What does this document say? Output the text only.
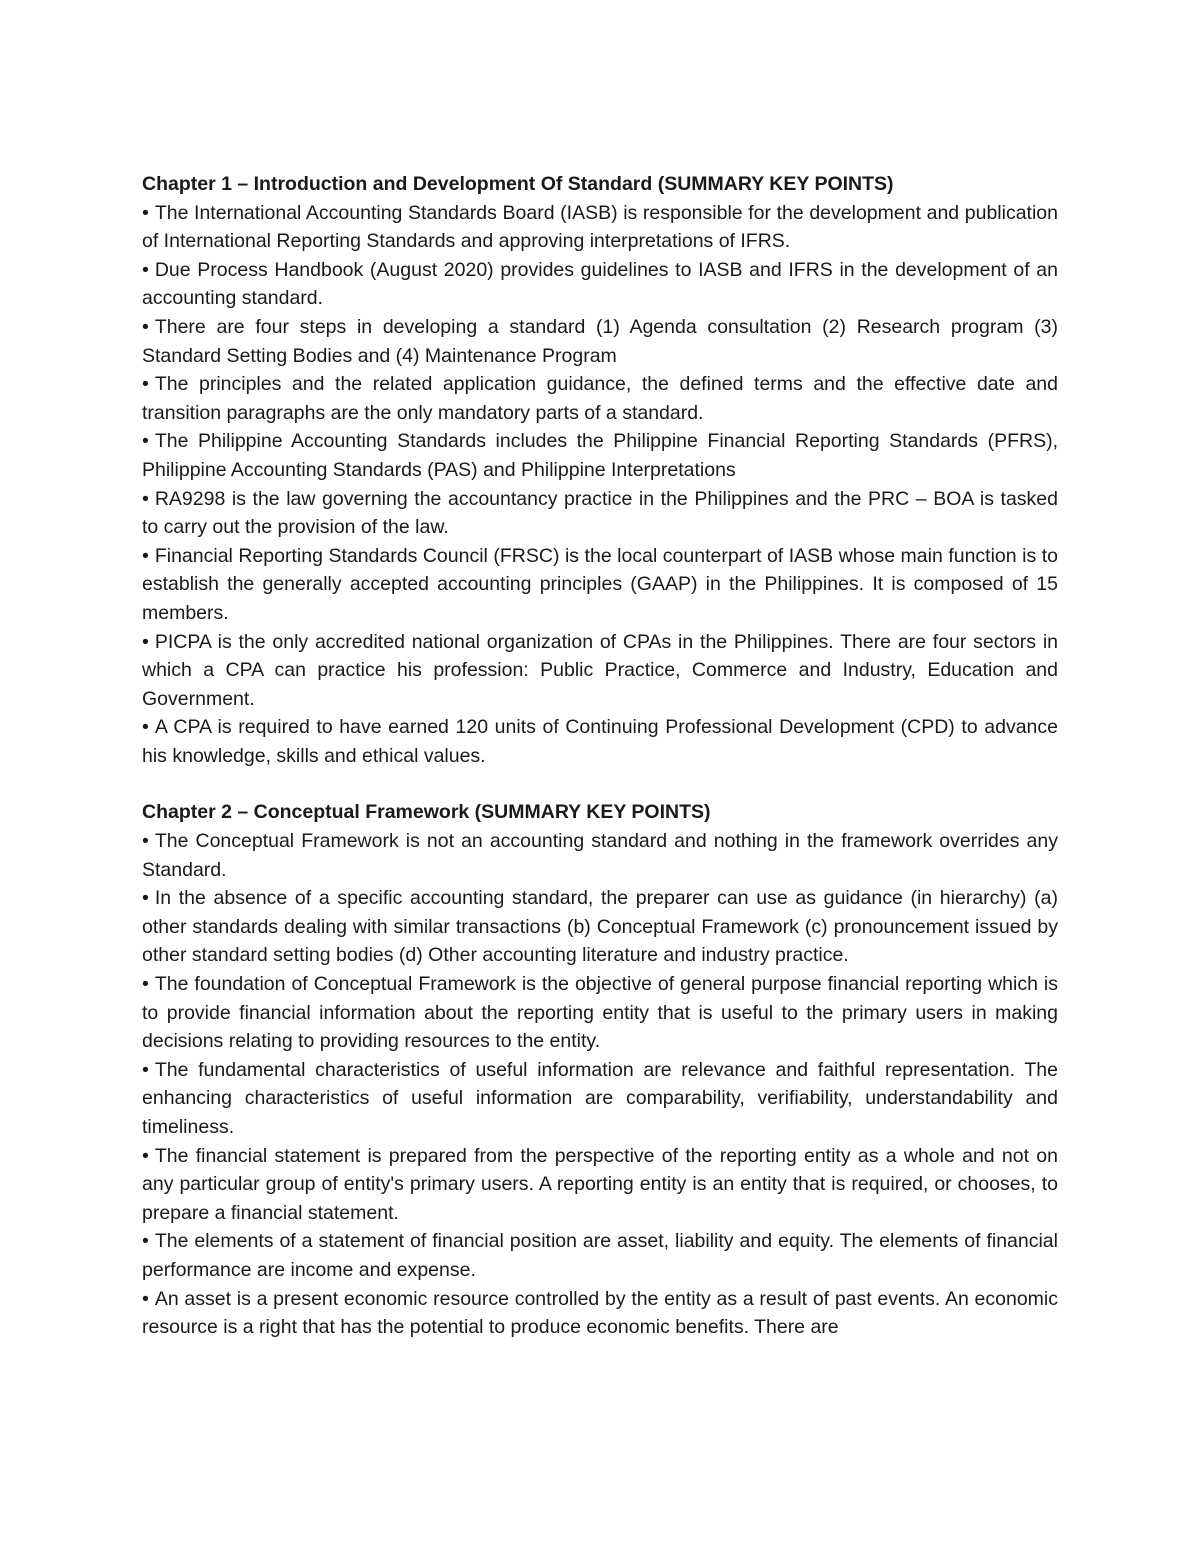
Chapter 1 – Introduction and Development Of Standard (SUMMARY KEY POINTS)

• The International Accounting Standards Board (IASB) is responsible for the development and publication of International Reporting Standards and approving interpretations of IFRS.

• Due Process Handbook (August 2020) provides guidelines to IASB and IFRS in the development of an accounting standard.

• There are four steps in developing a standard (1) Agenda consultation (2) Research program (3) Standard Setting Bodies and (4) Maintenance Program

• The principles and the related application guidance, the defined terms and the effective date and transition paragraphs are the only mandatory parts of a standard.

• The Philippine Accounting Standards includes the Philippine Financial Reporting Standards (PFRS), Philippine Accounting Standards (PAS) and Philippine Interpretations

• RA9298 is the law governing the accountancy practice in the Philippines and the PRC – BOA is tasked to carry out the provision of the law.

• Financial Reporting Standards Council (FRSC) is the local counterpart of IASB whose main function is to establish the generally accepted accounting principles (GAAP) in the Philippines. It is composed of 15 members.

• PICPA is the only accredited national organization of CPAs in the Philippines. There are four sectors in which a CPA can practice his profession: Public Practice, Commerce and Industry, Education and Government.

• A CPA is required to have earned 120 units of Continuing Professional Development (CPD) to advance his knowledge, skills and ethical values.

Chapter 2 – Conceptual Framework (SUMMARY KEY POINTS)

• The Conceptual Framework is not an accounting standard and nothing in the framework overrides any Standard.

• In the absence of a specific accounting standard, the preparer can use as guidance (in hierarchy) (a) other standards dealing with similar transactions (b) Conceptual Framework (c) pronouncement issued by other standard setting bodies (d) Other accounting literature and industry practice.

• The foundation of Conceptual Framework is the objective of general purpose financial reporting which is to provide financial information about the reporting entity that is useful to the primary users in making decisions relating to providing resources to the entity.

• The fundamental characteristics of useful information are relevance and faithful representation. The enhancing characteristics of useful information are comparability, verifiability, understandability and timeliness.

• The financial statement is prepared from the perspective of the reporting entity as a whole and not on any particular group of entity's primary users. A reporting entity is an entity that is required, or chooses, to prepare a financial statement.

• The elements of a statement of financial position are asset, liability and equity. The elements of financial performance are income and expense.

• An asset is a present economic resource controlled by the entity as a result of past events. An economic resource is a right that has the potential to produce economic benefits. There are
